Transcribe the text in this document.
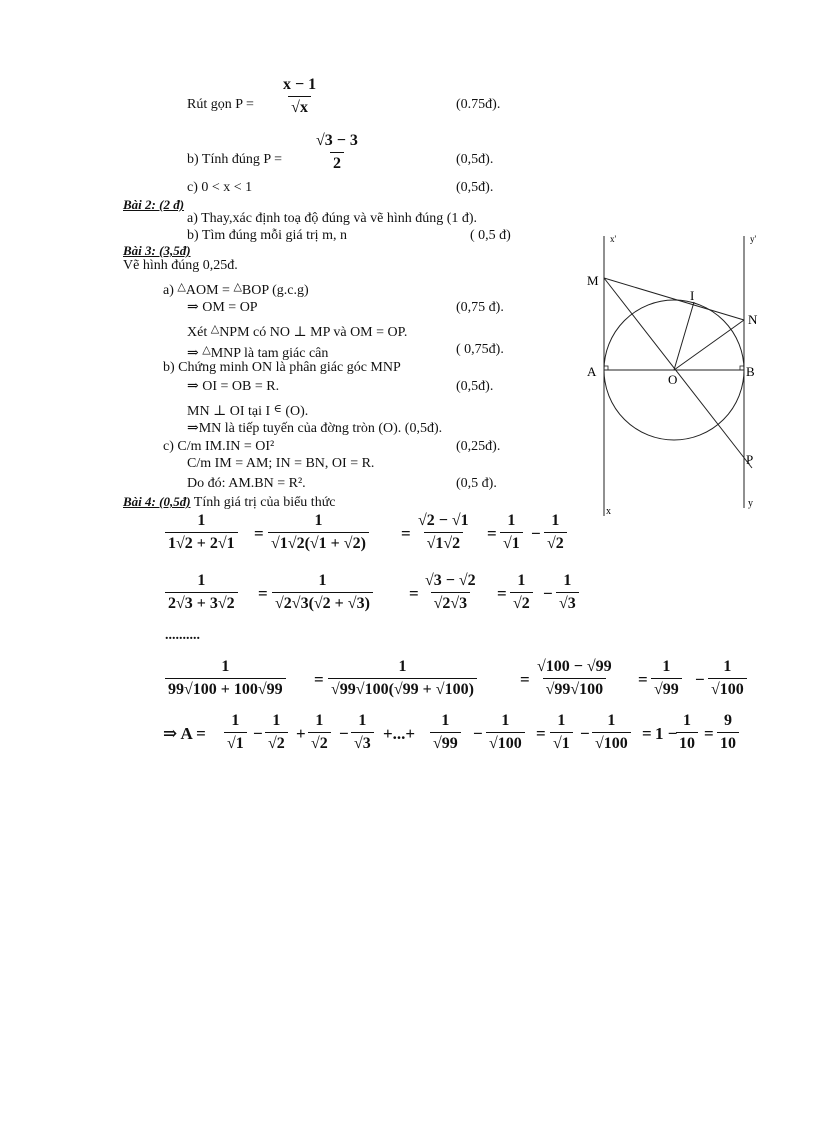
Rút gọn $P = \frac{x - 1}{√x}$	(0.75đ).
b) Tính đúng $P = \frac{√3 - 3}{2}$	(0,5đ).
c) 0 < x < 1	(0,5đ).
Bài 2: (2 đ)
a) Thay,xác định toạ độ đúng và vẽ hình đúng (1 đ).
b) Tìm đúng mỗi giá trị m, n	( 0,5 đ)
Bài 3: (3,5đ)
Vẽ hình đúng 0,25đ.
a) △AOM = △BOP (g.c.g)
⇒ OM = OP	(0,75 đ).
Xét △NPM có NO ⊥ MP và OM = OP.
⇒ △MNP là tam giác cân	( 0,75đ).
b) Chứng minh ON là phân giác góc MNP
⇒ OI = OB = R.	(0,5đ).
MN ⊥ OI tại I ∈ (O).
⇒MN là tiếp tuyến của đờng tròn (O). (0,5đ).
c) C/m IM.IN = OI²	(0,25đ).
C/m IM = AM; IN = BN, OI = R.
Do đó: AM.BN = R².	(0,5 đ).
M
I
N
A
O
B
P
x
y
x'	y'
Bài 4: (0,5đ) Tính giá trị của biểu thức
$\frac{1}{1√2 + 2√1} = \frac{1}{√1√2(√1 + √2)} = \frac{√2 - √1}{√1√2} = \frac{1}{√1} - \frac{1}{√2}$
$\frac{1}{2√3 + 3√2} = \frac{1}{√2√3(√2 + √3)} = \frac{√3 - √2}{√2√3} = \frac{1}{√2} - \frac{1}{√3}$
..........
$\frac{1}{99√100 + 100√99} = \frac{1}{√99√100(√99 + √100)}$	= $\frac{√100 - √99}{√99√100} = \frac{1}{√99} - \frac{1}{√100}$
⇒ $A = \frac{1}{√1} - \frac{1}{√2} + \frac{1}{√2} - \frac{1}{√3}$ +...+ $\frac{1}{√99} - \frac{1}{√100} = \frac{1}{√1} - \frac{1}{√100} = 1$ −
$\frac{1}{10} = \frac{9}{10}$
